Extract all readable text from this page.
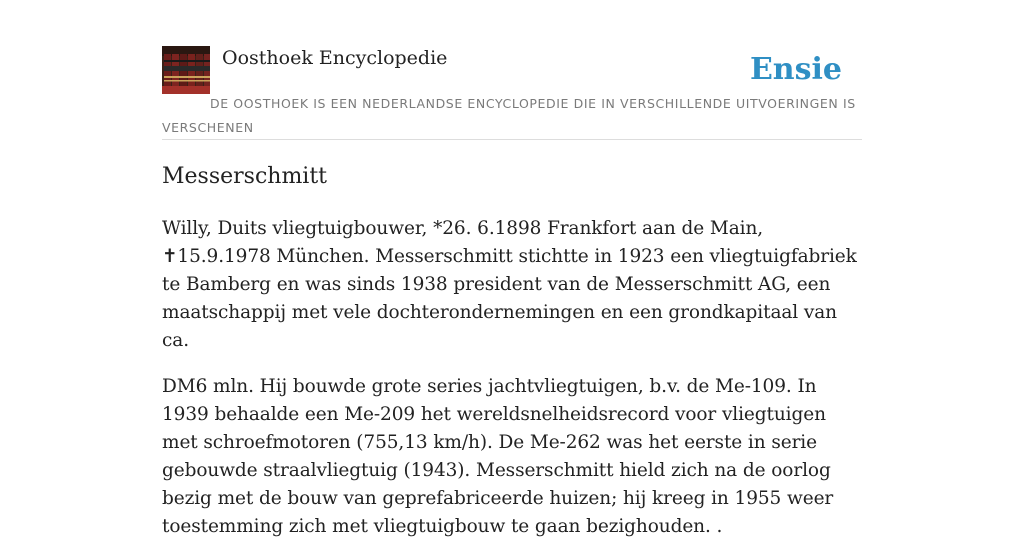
Oosthoek Encyclopedie	Ensie
DE OOSTHOEK IS EEN NEDERLANDSE ENCYCLOPEDIE DIE IN VERSCHILLENDE UITVOERINGEN IS VERSCHENEN
Messerschmitt

Willy, Duits vliegtuigbouwer, *26. 6.1898 Frankfort aan de Main, ✝15.9.1978 München. Messerschmitt stichtte in 1923 een vliegtuigfabriek te Bamberg en was sinds 1938 president van de Messerschmitt AG, een maatschappij met vele dochterondernemingen en een grondkapitaal van ca.

DM6 mln. Hij bouwde grote series jachtvliegtuigen, b.v. de Me-109. In 1939 behaalde een Me-209 het wereldsnelheidsrecord voor vliegtuigen met schroefmotoren (755,13 km/h). De Me-262 was het eerste in serie gebouwde straalvliegtuig (1943). Messerschmitt hield zich na de oorlog bezig met de bouw van geprefabriceerde huizen; hij kreeg in 1955 weer toestemming zich met vliegtuigbouw te gaan bezighouden. .
